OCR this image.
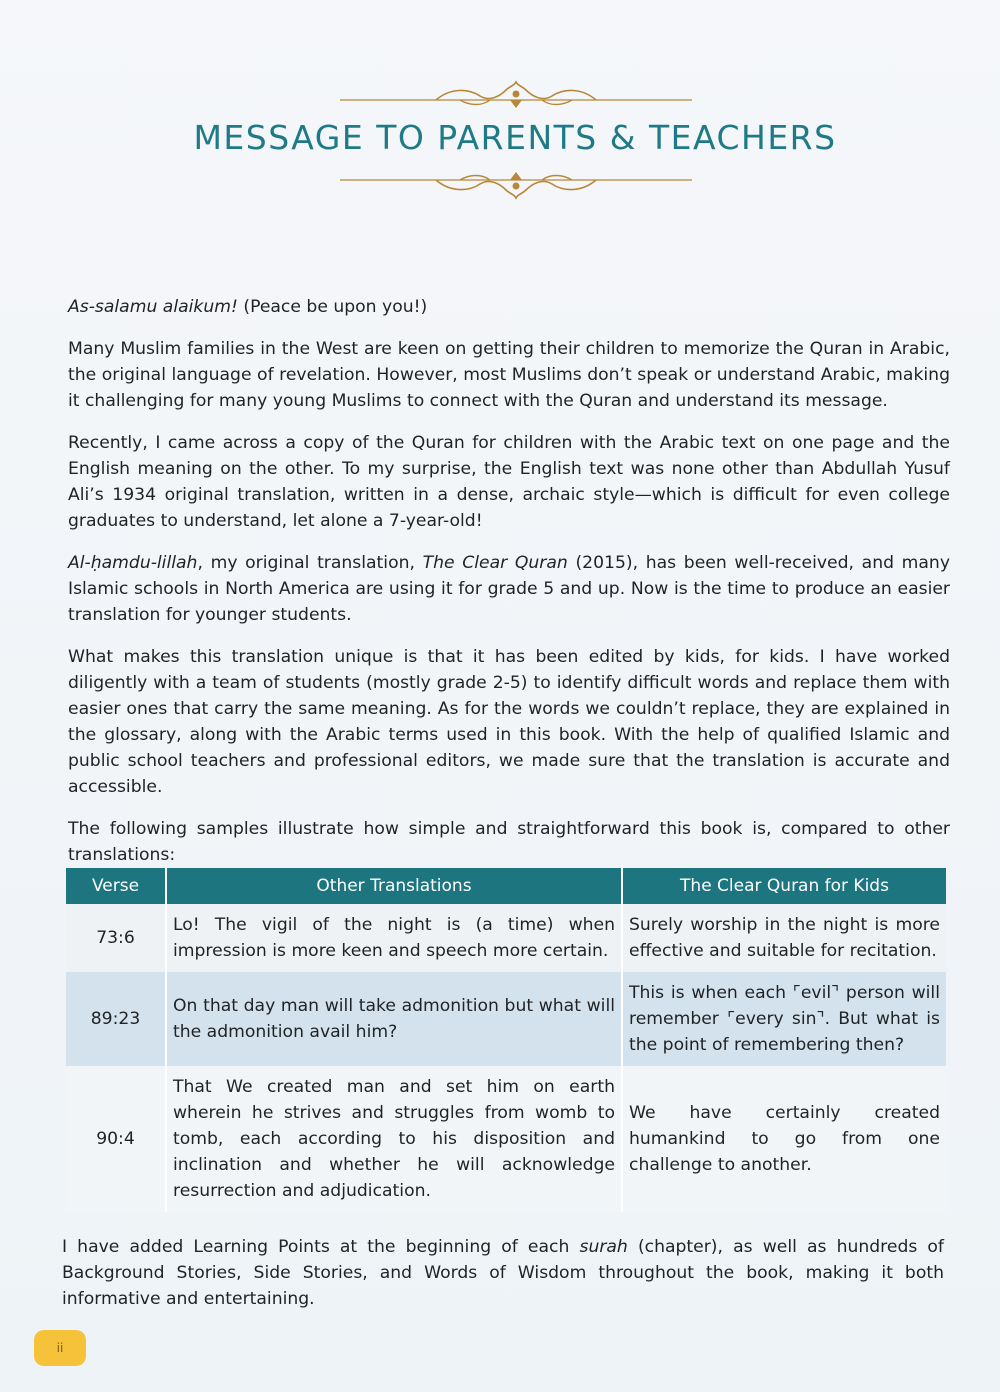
MESSAGE TO PARENTS & TEACHERS

As-salamu alaikum! (Peace be upon you!)

Many Muslim families in the West are keen on getting their children to memorize the Quran in Arabic, the original language of revelation. However, most Muslims don’t speak or understand Arabic, making it challenging for many young Muslims to connect with the Quran and understand its message.

Recently, I came across a copy of the Quran for children with the Arabic text on one page and the English meaning on the other. To my surprise, the English text was none other than Abdullah Yusuf Ali’s 1934 original translation, written in a dense, archaic style—which is difficult for even college graduates to understand, let alone a 7-year-old!

Al-ḥamdu-lillah, my original translation, The Clear Quran (2015), has been well-received, and many Islamic schools in North America are using it for grade 5 and up. Now is the time to produce an easier translation for younger students.

What makes this translation unique is that it has been edited by kids, for kids. I have worked diligently with a team of students (mostly grade 2-5) to identify difficult words and replace them with easier ones that carry the same meaning. As for the words we couldn’t replace, they are explained in the glossary, along with the Arabic terms used in this book. With the help of qualified Islamic and public school teachers and professional editors, we made sure that the translation is accurate and accessible.

The following samples illustrate how simple and straightforward this book is, compared to other translations:

Verse	Other Translations	The Clear Quran for Kids
73:6	Lo! The vigil of the night is (a time) when impression is more keen and speech more certain.	Surely worship in the night is more effective and suitable for recitation.
89:23	On that day man will take admonition but what will the admonition avail him?	This is when each ⌜evil⌝ person will remember ⌜every sin⌝. But what is the point of remembering then?
90:4	That We created man and set him on earth wherein he strives and struggles from womb to tomb, each according to his disposition and inclination and whether he will acknowledge resurrection and adjudication.	We have certainly created humankind to go from one challenge to another.

I have added Learning Points at the beginning of each surah (chapter), as well as hundreds of Background Stories, Side Stories, and Words of Wisdom throughout the book, making it both informative and entertaining.

ii
